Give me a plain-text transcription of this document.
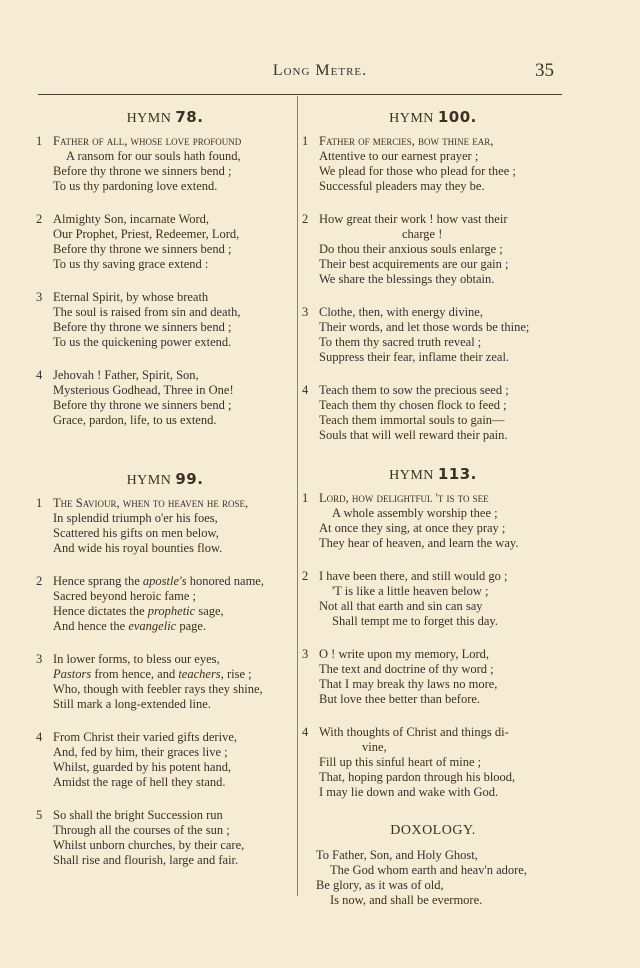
Long Metre.	35
HYMN 78.
1 Father of all, whose love profound
A ransom for our souls hath found,
Before thy throne we sinners bend ;
To us thy pardoning love extend.
2 Almighty Son, incarnate Word,
Our Prophet, Priest, Redeemer, Lord,
Before thy throne we sinners bend ;
To us thy saving grace extend :
3 Eternal Spirit, by whose breath
The soul is raised from sin and death,
Before thy throne we sinners bend ;
To us the quickening power extend.
4 Jehovah ! Father, Spirit, Son,
Mysterious Godhead, Three in One!
Before thy throne we sinners bend ;
Grace, pardon, life, to us extend.
HYMN 99.
1 The Saviour, when to heaven he rose,
In splendid triumph o'er his foes,
Scattered his gifts on men below,
And wide his royal bounties flow.
2 Hence sprang the apostle's honored name,
Sacred beyond heroic fame ;
Hence dictates the prophetic sage,
And hence the evangelic page.
3 In lower forms, to bless our eyes,
Pastors from hence, and teachers, rise ;
Who, though with feebler rays they shine,
Still mark a long-extended line.
4 From Christ their varied gifts derive,
And, fed by him, their graces live ;
Whilst, guarded by his potent hand,
Amidst the rage of hell they stand.
5 So shall the bright Succession run
Through all the courses of the sun ;
Whilst unborn churches, by their care,
Shall rise and flourish, large and fair.
HYMN 100.
1 Father of mercies, bow thine ear,
Attentive to our earnest prayer ;
We plead for those who plead for thee ;
Successful pleaders may they be.
2 How great their work ! how vast their
charge !
Do thou their anxious souls enlarge ;
Their best acquirements are our gain ;
We share the blessings they obtain.
3 Clothe, then, with energy divine,
Their words, and let those words be thine;
To them thy sacred truth reveal ;
Suppress their fear, inflame their zeal.
4 Teach them to sow the precious seed ;
Teach them thy chosen flock to feed ;
Teach them immortal souls to gain—
Souls that will well reward their pain.
HYMN 113.
1 Lord, how delightful 't is to see
A whole assembly worship thee ;
At once they sing, at once they pray ;
They hear of heaven, and learn the way.
2 I have been there, and still would go ;
'T is like a little heaven below ;
Not all that earth and sin can say
Shall tempt me to forget this day.
3 O ! write upon my memory, Lord,
The text and doctrine of thy word ;
That I may break thy laws no more,
But love thee better than before.
4 With thoughts of Christ and things di-
vine,
Fill up this sinful heart of mine ;
That, hoping pardon through his blood,
I may lie down and wake with God.
DOXOLOGY.
To Father, Son, and Holy Ghost,
The God whom earth and heav'n adore,
Be glory, as it was of old,
Is now, and shall be evermore.
